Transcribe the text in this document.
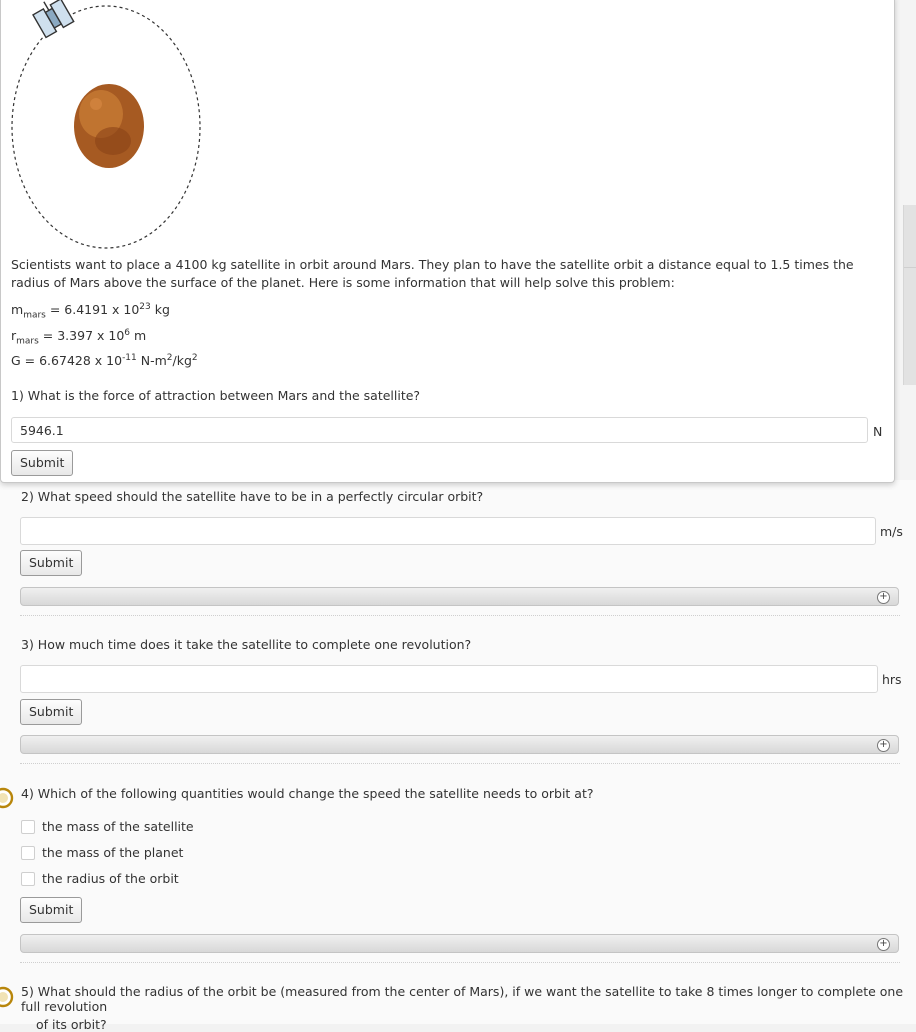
Scientists want to place a 4100 kg satellite in orbit around Mars. They plan to have the satellite orbit a distance equal to 1.5 times the radius of Mars above the surface of the planet. Here is some information that will help solve this problem:
$m_{mars} = 6.4191$ x $10^{23}$ kg
$r_{mars} = 3.397$ x $10^6$ m
G = 6.67428 x $10^{-11}$ $N-m^2/kg^2$
1) What is the force of attraction between Mars and the satellite?
5946.1
N
Submit
2) What speed should the satellite have to be in a perfectly circular orbit?
m/s
Submit
+
3) How much time does it take the satellite to complete one revolution?
hrs
Submit
+
4) Which of the following quantities would change the speed the satellite needs to orbit at?
the mass of the satellite
the mass of the planet
the radius of the orbit
Submit
+
5) What should the radius of the orbit be (measured from the center of Mars), if we want the satellite to take 8 times longer to complete one full revolution
of its orbit?
